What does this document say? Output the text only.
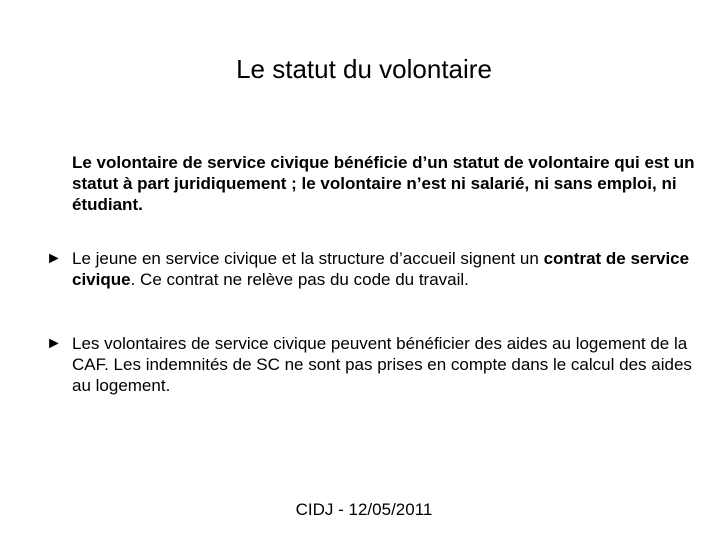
Le statut du volontaire
Le volontaire de service civique bénéficie d’un statut de volontaire qui est un statut à part juridiquement ; le volontaire n’est ni salarié, ni sans emploi, ni étudiant.
► Le jeune en service civique et la structure d’accueil signent un contrat de service civique. Ce contrat ne relève pas du code du travail.
► Les volontaires de service civique peuvent bénéficier des aides au logement de la CAF. Les indemnités de SC ne sont pas prises en compte dans le calcul des aides au logement.
CIDJ - 12/05/2011
